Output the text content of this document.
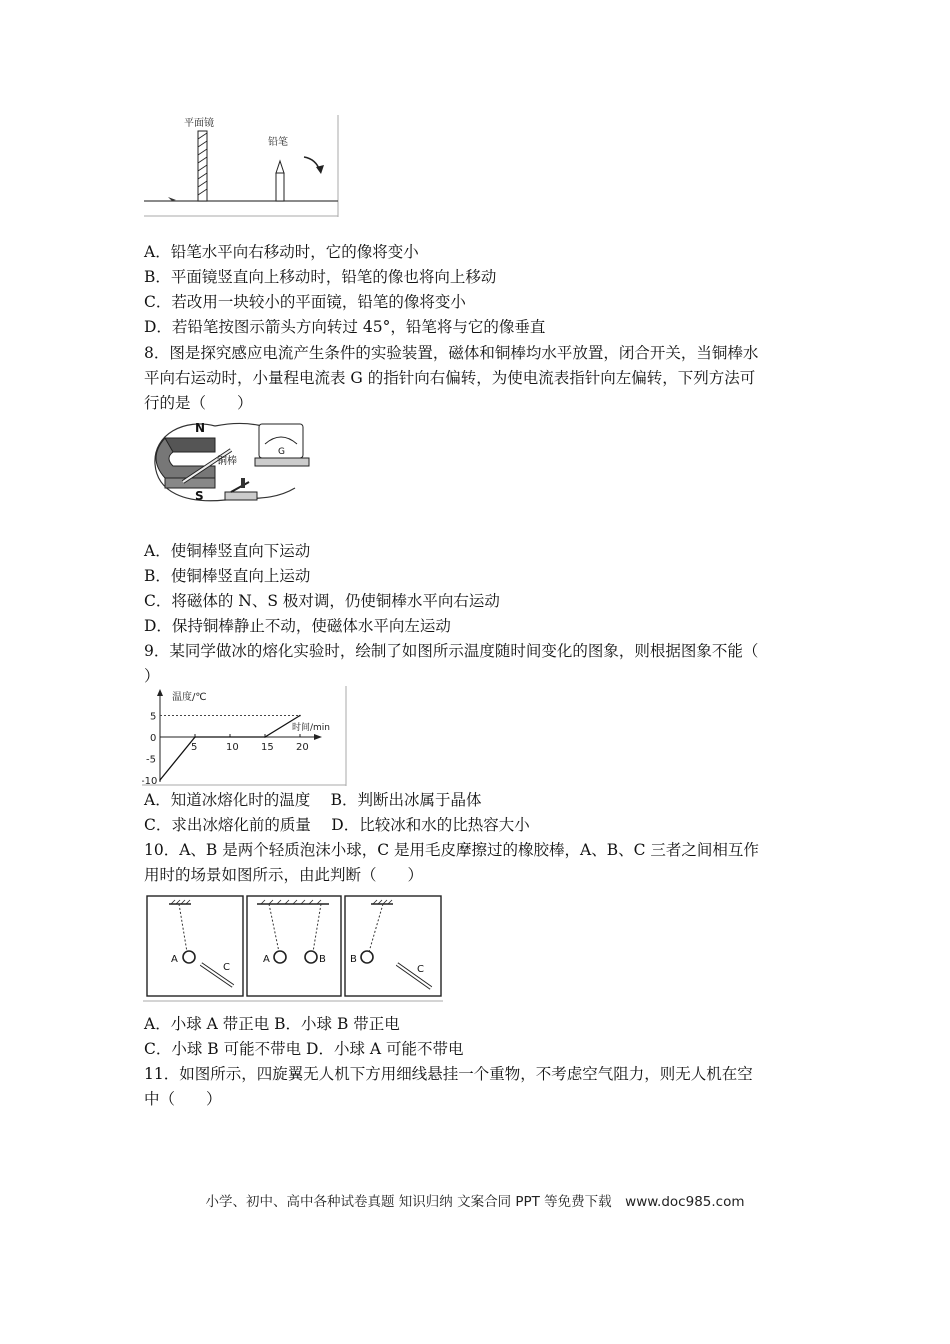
平面镜
铅笔
A．铅笔水平向右移动时，它的像将变小
B．平面镜竖直向上移动时，铅笔的像也将向上移动
C．若改用一块较小的平面镜，铅笔的像将变小
D．若铅笔按图示箭头方向转过 45°，铅笔将与它的像垂直
8．图是探究感应电流产生条件的实验装置，磁体和铜棒均水平放置，闭合开关，当铜棒水
平向右运动时，小量程电流表 G 的指针向右偏转，为使电流表指针向左偏转，下列方法可
行的是（　　）
N
S
铜棒
G
A．使铜棒竖直向下运动
B．使铜棒竖直向上运动
C．将磁体的 N、S 极对调，仍使铜棒水平向右运动
D．保持铜棒静止不动，使磁体水平向左运动
9．某同学做冰的熔化实验时，绘制了如图所示温度随时间变化的图象，则根据图象不能（
）
温度/℃
时间/min
5	10 15 20
5
0
-5
-10
A．知道冰熔化时的温度　 B．判断出冰属于晶体
C．求出冰熔化前的质量　 D．比较冰和水的比热容大小
10．A、B 是两个轻质泡沫小球，C 是用毛皮摩擦过的橡胶棒，A、B、C 三者之间相互作
用时的场景如图所示，由此判断（　　）
A
C
A	B B
C
A．小球 A 带正电 B．小球 B 带正电
C．小球 B 可能不带电 D．小球 A 可能不带电
11．如图所示，四旋翼无人机下方用细线悬挂一个重物，不考虑空气阻力，则无人机在空
中（　　）
小学、初中、高中各种试卷真题 知识归纳 文案合同 PPT 等免费下载　www.doc985.com
